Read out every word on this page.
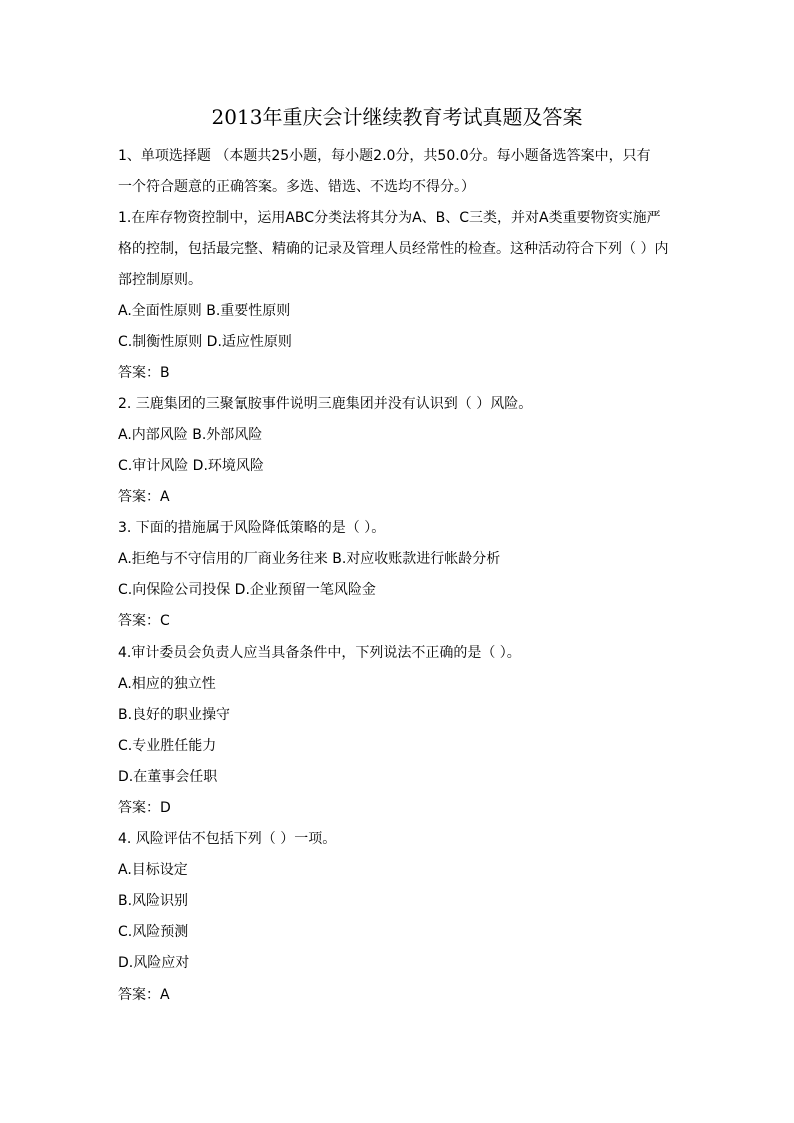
2013年重庆会计继续教育考试真题及答案
1、单项选择题 （本题共25小题，每小题2.0分，共50.0分。每小题备选答案中，只有
一个符合题意的正确答案。多选、错选、不选均不得分。）
1.在库存物资控制中，运用ABC分类法将其分为A、B、C三类，并对A类重要物资实施严
格的控制，包括最完整、精确的记录及管理人员经常性的检查。这种活动符合下列（ ）内
部控制原则。
A.全面性原则 B.重要性原则
C.制衡性原则 D.适应性原则
答案：B
2. 三鹿集团的三聚氰胺事件说明三鹿集团并没有认识到（ ）风险。
A.内部风险 B.外部风险
C.审计风险 D.环境风险
答案：A
3. 下面的措施属于风险降低策略的是（ ）。
A.拒绝与不守信用的厂商业务往来 B.对应收账款进行帐龄分析
C.向保险公司投保 D.企业预留一笔风险金
答案：C
4.审计委员会负责人应当具备条件中，下列说法不正确的是（ ）。
A.相应的独立性
B.良好的职业操守
C.专业胜任能力
D.在董事会任职
答案：D
4. 风险评估不包括下列（ ）一项。
A.目标设定
B.风险识别
C.风险预测
D.风险应对
答案：A
